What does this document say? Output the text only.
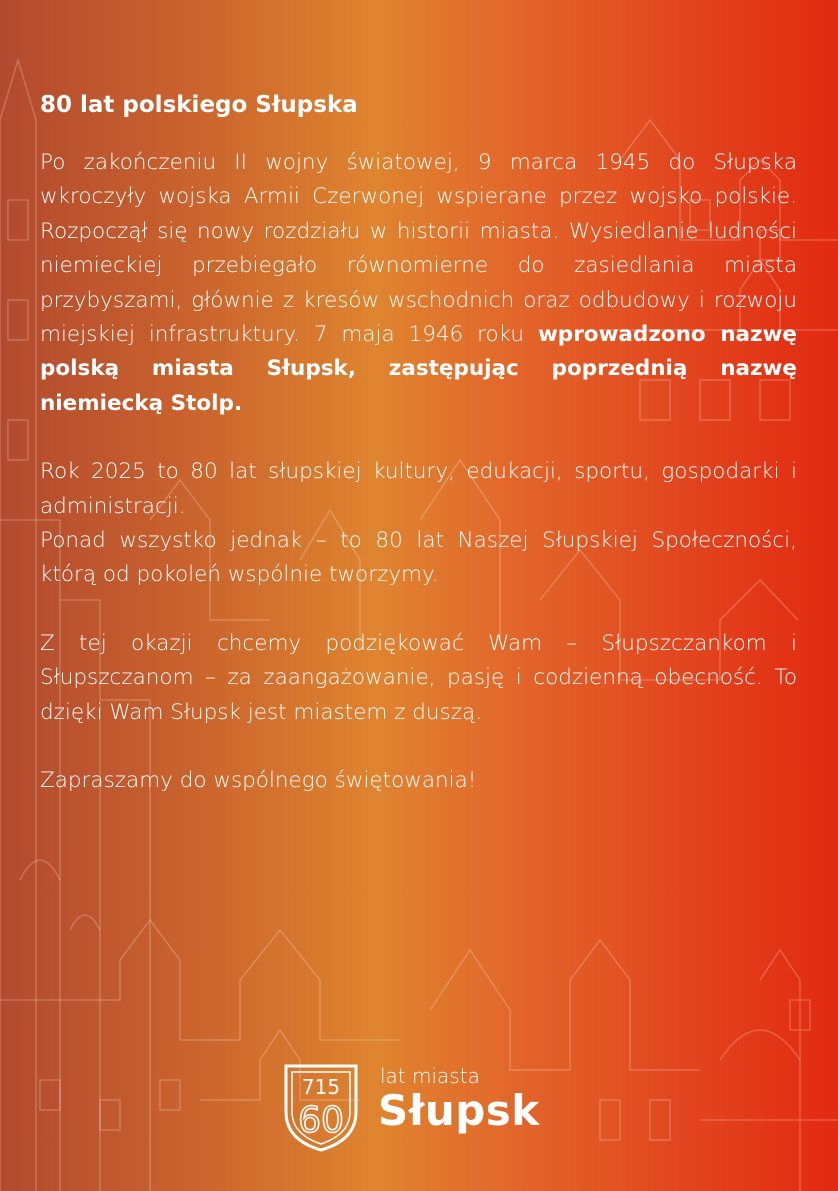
80 lat polskiego Słupska

Po zakończeniu II wojny światowej, 9 marca 1945 do Słupska wkroczyły wojska Armii Czerwonej wspierane przez wojsko polskie. Rozpoczął się nowy rozdziału w historii miasta. Wysiedlanie ludności niemieckiej przebiegało równomierne do zasiedlania miasta przybyszami, głównie z kresów wschodnich oraz odbudowy i rozwoju miejskiej infrastruktury. 7 maja 1946 roku wprowadzono nazwę polską miasta Słupsk, zastępując poprzednią nazwę niemiecką Stolp.

Rok 2025 to 80 lat słupskiej kultury, edukacji, sportu, gospodarki i administracji.

Ponad wszystko jednak – to 80 lat Naszej Słupskiej Społeczności, którą od pokoleń wspólnie tworzymy.

Z tej okazji chcemy podziękować Wam – Słupszczankom i Słupszczanom – za zaangażowanie, pasję i codzienną obecność. To dzięki Wam Słupsk jest miastem z duszą.

Zapraszamy do wspólnego świętowania!

715
60
lat miasta
Słupsk
